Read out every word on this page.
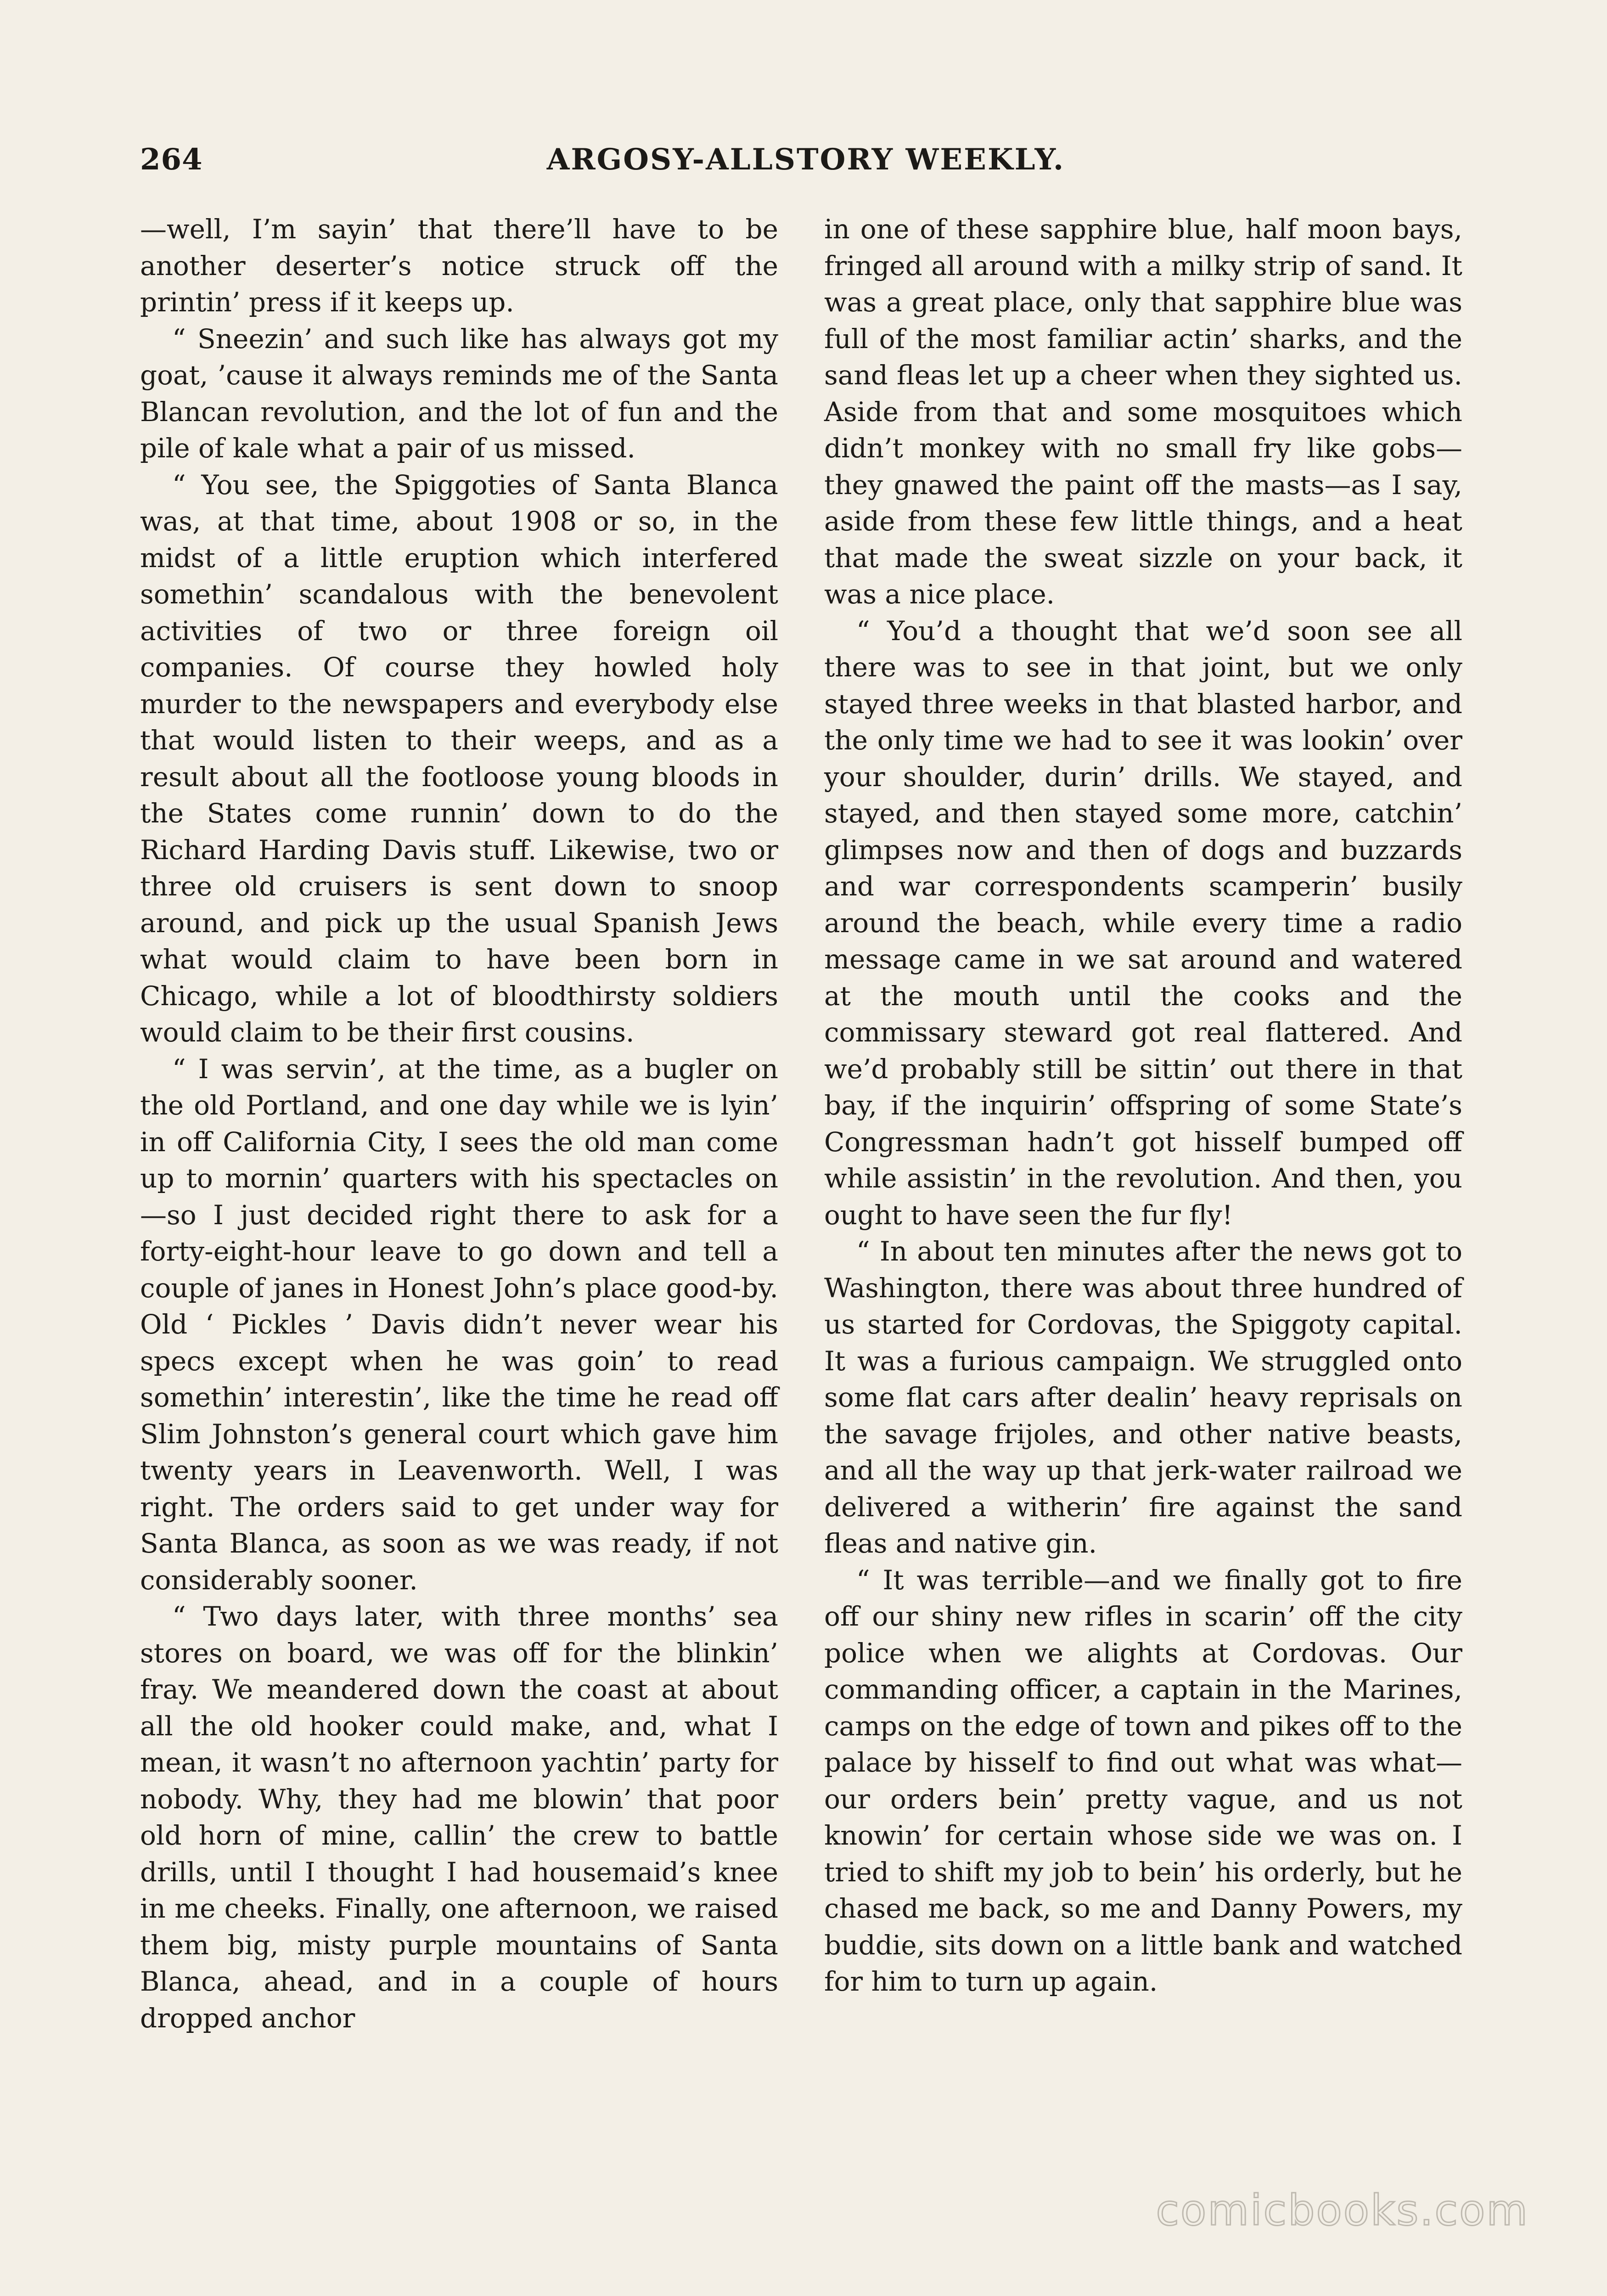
264	ARGOSY-ALLSTORY WEEKLY.

—well, I’m sayin’ that there’ll have to be another deserter’s notice struck off the printin’ press if it keeps up.

“ Sneezin’ and such like has always got my goat, ’cause it always reminds me of the Santa Blancan revolution, and the lot of fun and the pile of kale what a pair of us missed.

“ You see, the Spiggoties of Santa Blanca was, at that time, about 1908 or so, in the midst of a little eruption which interfered somethin’ scandalous with the benevolent activities of two or three foreign oil companies. Of course they howled holy murder to the newspapers and everybody else that would listen to their weeps, and as a result about all the footloose young bloods in the States come runnin’ down to do the Richard Harding Davis stuff. Likewise, two or three old cruisers is sent down to snoop around, and pick up the usual Spanish Jews what would claim to have been born in Chicago, while a lot of bloodthirsty soldiers would claim to be their first cousins.

“ I was servin’, at the time, as a bugler on the old Portland, and one day while we is lyin’ in off California City, I sees the old man come up to mornin’ quarters with his spectacles on—so I just decided right there to ask for a forty-eight-hour leave to go down and tell a couple of janes in Honest John’s place good-by. Old ‘ Pickles ’ Davis didn’t never wear his specs except when he was goin’ to read somethin’ interestin’, like the time he read off Slim Johnston’s general court which gave him twenty years in Leavenworth. Well, I was right. The orders said to get under way for Santa Blanca, as soon as we was ready, if not considerably sooner.

“ Two days later, with three months’ sea stores on board, we was off for the blinkin’ fray. We meandered down the coast at about all the old hooker could make, and, what I mean, it wasn’t no afternoon yachtin’ party for nobody. Why, they had me blowin’ that poor old horn of mine, callin’ the crew to battle drills, until I thought I had housemaid’s knee in me cheeks. Finally, one afternoon, we raised them big, misty purple mountains of Santa Blanca, ahead, and in a couple of hours dropped anchor

in one of these sapphire blue, half moon bays, fringed all around with a milky strip of sand. It was a great place, only that sapphire blue was full of the most familiar actin’ sharks, and the sand fleas let up a cheer when they sighted us. Aside from that and some mosquitoes which didn’t monkey with no small fry like gobs—they gnawed the paint off the masts—as I say, aside from these few little things, and a heat that made the sweat sizzle on your back, it was a nice place.

“ You’d a thought that we’d soon see all there was to see in that joint, but we only stayed three weeks in that blasted harbor, and the only time we had to see it was lookin’ over your shoulder, durin’ drills. We stayed, and stayed, and then stayed some more, catchin’ glimpses now and then of dogs and buzzards and war correspondents scamperin’ busily around the beach, while every time a radio message came in we sat around and watered at the mouth until the cooks and the commissary steward got real flattered. And we’d probably still be sittin’ out there in that bay, if the inquirin’ offspring of some State’s Congressman hadn’t got hisself bumped off while assistin’ in the revolution. And then, you ought to have seen the fur fly!

“ In about ten minutes after the news got to Washington, there was about three hundred of us started for Cordovas, the Spiggoty capital. It was a furious campaign. We struggled onto some flat cars after dealin’ heavy reprisals on the savage frijoles, and other native beasts, and all the way up that jerk-water railroad we delivered a witherin’ fire against the sand fleas and native gin.

“ It was terrible—and we finally got to fire off our shiny new rifles in scarin’ off the city police when we alights at Cordovas. Our commanding officer, a captain in the Marines, camps on the edge of town and pikes off to the palace by hisself to find out what was what—our orders bein’ pretty vague, and us not knowin’ for certain whose side we was on. I tried to shift my job to bein’ his orderly, but he chased me back, so me and Danny Powers, my buddie, sits down on a little bank and watched for him to turn up again.

comicbooks.com
